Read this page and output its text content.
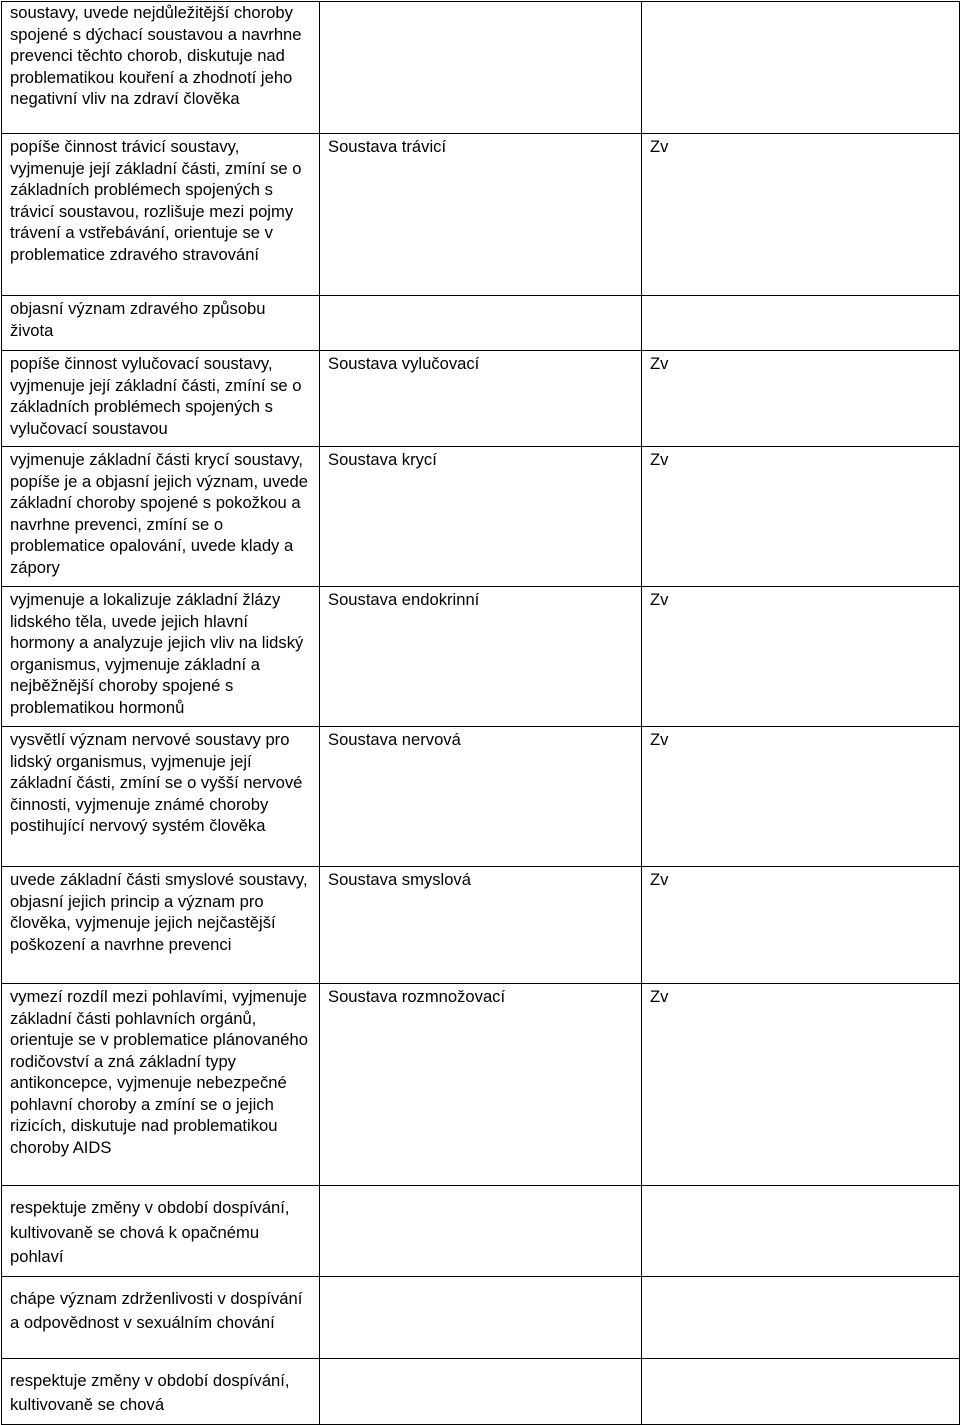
soustavy, uvede nejdůležitější choroby spojené s dýchací soustavou a navrhne prevenci těchto chorob, diskutuje nad problematikou kouření a zhodnotí jeho negativní vliv na zdraví člověka		

popíše činnost trávicí soustavy, vyjmenuje její základní části, zmíní se o základních problémech spojených s trávicí soustavou, rozlišuje mezi pojmy trávení a vstřebávání, orientuje se v problematice zdravého stravování	Soustava trávicí	Zv

objasní význam zdravého způsobu života		

popíše činnost vylučovací soustavy, vyjmenuje její základní části, zmíní se o základních problémech spojených s vylučovací soustavou	Soustava vylučovací	Zv

vyjmenuje základní části krycí soustavy, popíše je a objasní jejich význam, uvede základní choroby spojené s pokožkou a navrhne prevenci, zmíní se o problematice opalování, uvede klady a zápory	Soustava krycí	Zv

vyjmenuje a lokalizuje základní žlázy lidského těla, uvede jejich hlavní hormony a analyzuje jejich vliv na lidský organismus, vyjmenuje základní a nejběžnější choroby spojené s problematikou hormonů	Soustava endokrinní	Zv

vysvětlí význam nervové soustavy pro lidský organismus, vyjmenuje její základní části, zmíní se o vyšší nervové činnosti, vyjmenuje známé choroby postihující nervový systém člověka	Soustava nervová	Zv

uvede základní části smyslové soustavy, objasní jejich princip a význam pro člověka, vyjmenuje jejich nejčastější poškození a navrhne prevenci	Soustava smyslová	Zv

vymezí rozdíl mezi pohlavími, vyjmenuje základní části pohlavních orgánů, orientuje se v problematice plánovaného rodičovství a zná základní typy antikoncepce, vyjmenuje nebezpečné pohlavní choroby a zmíní se o jejich rizicích, diskutuje nad problematikou choroby AIDS	Soustava rozmnožovací	Zv

respektuje změny v období dospívání, kultivovaně se chová k opačnému pohlaví		

chápe význam zdrženlivosti v dospívání a odpovědnost v sexuálním chování		

respektuje změny v období dospívání, kultivovaně se chová		
